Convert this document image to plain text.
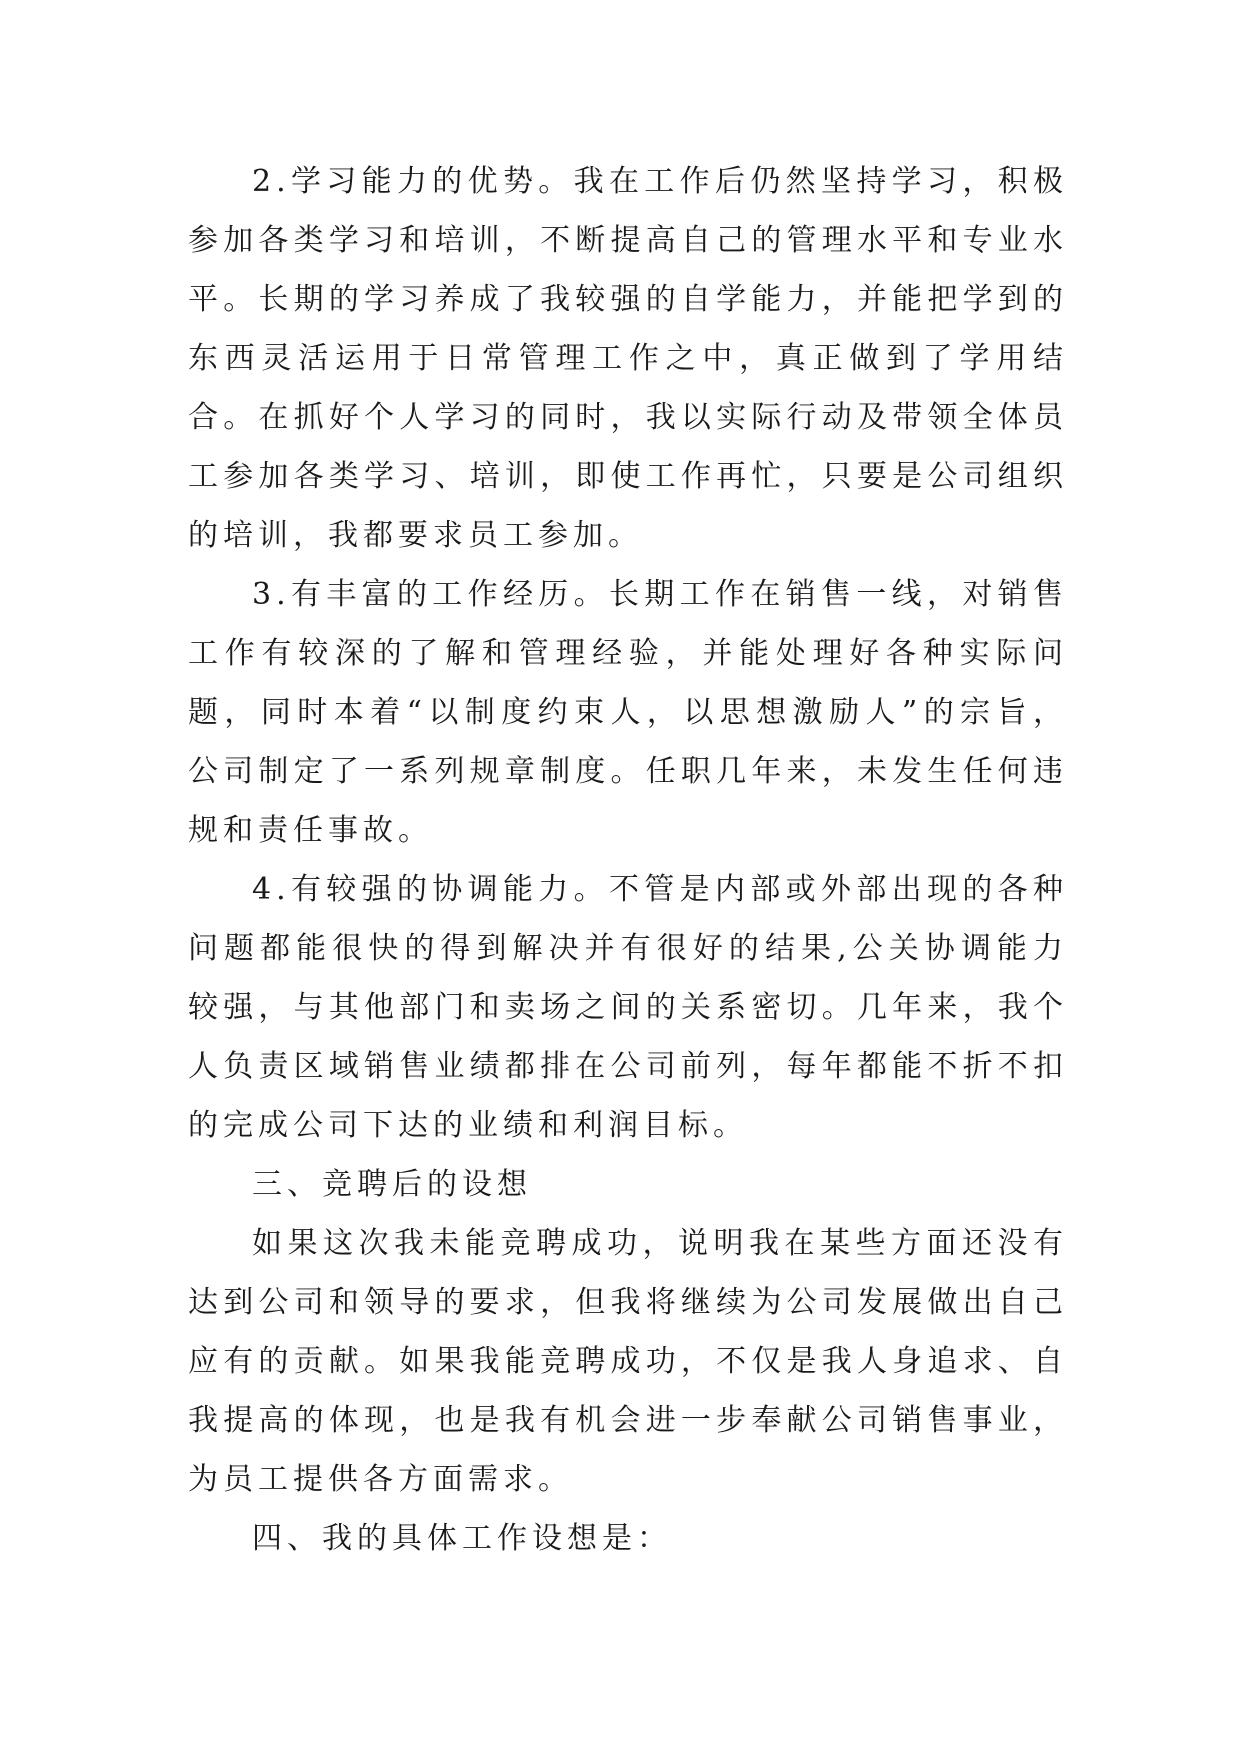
2.学习能力的优势。我在工作后仍然坚持学习，积极参加各类学习和培训，不断提高自己的管理水平和专业水平。长期的学习养成了我较强的自学能力，并能把学到的东西灵活运用于日常管理工作之中，真正做到了学用结合。在抓好个人学习的同时，我以实际行动及带领全体员工参加各类学习、培训，即使工作再忙，只要是公司组织的培训，我都要求员工参加。

3.有丰富的工作经历。长期工作在销售一线，对销售工作有较深的了解和管理经验，并能处理好各种实际问题，同时本着“以制度约束人，以思想激励人”的宗旨，公司制定了一系列规章制度。任职几年来，未发生任何违规和责任事故。

4.有较强的协调能力。不管是内部或外部出现的各种问题都能很快的得到解决并有很好的结果,公关协调能力较强，与其他部门和卖场之间的关系密切。几年来，我个人负责区域销售业绩都排在公司前列，每年都能不折不扣的完成公司下达的业绩和利润目标。

三、竞聘后的设想

如果这次我未能竞聘成功，说明我在某些方面还没有达到公司和领导的要求，但我将继续为公司发展做出自己应有的贡献。如果我能竞聘成功，不仅是我人身追求、自我提高的体现，也是我有机会进一步奉献公司销售事业，为员工提供各方面需求。

四、我的具体工作设想是：
